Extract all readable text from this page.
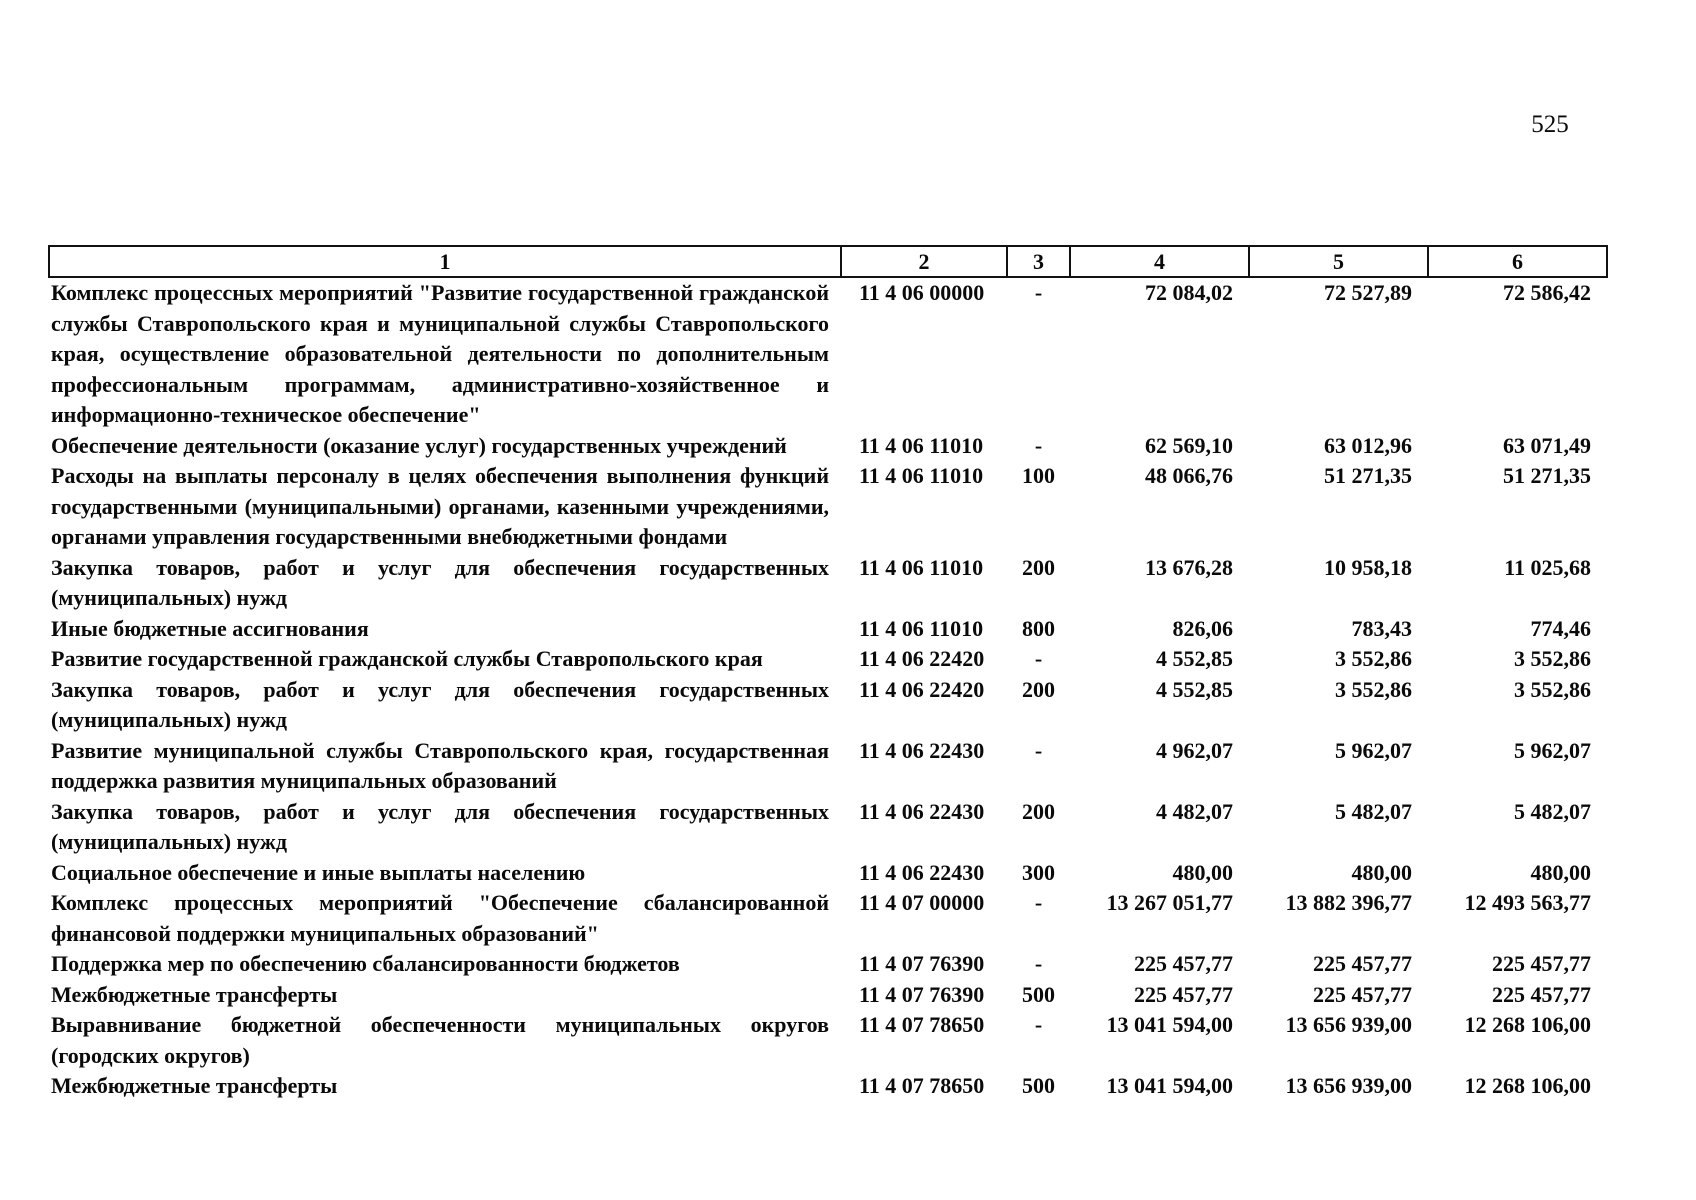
525
1	2	3	4	5	6
Комплекс процессных мероприятий "Развитие государственной гражданской службы Ставропольского края и муниципальной службы Ставропольского края, осуществление образовательной деятельности по дополнительным профессиональным программам, административно-хозяйственное и информационно-техническое обеспечение"	11 4 06 00000	-	72 084,02	72 527,89	72 586,42
Обеспечение деятельности (оказание услуг) государственных учреждений	11 4 06 11010	-	62 569,10	63 012,96	63 071,49
Расходы на выплаты персоналу в целях обеспечения выполнения функций государственными (муниципальными) органами, казенными учреждениями, органами управления государственными внебюджетными фондами	11 4 06 11010	100	48 066,76	51 271,35	51 271,35
Закупка товаров, работ и услуг для обеспечения государственных (муниципальных) нужд	11 4 06 11010	200	13 676,28	10 958,18	11 025,68
Иные бюджетные ассигнования	11 4 06 11010	800	826,06	783,43	774,46
Развитие государственной гражданской службы Ставропольского края	11 4 06 22420	-	4 552,85	3 552,86	3 552,86
Закупка товаров, работ и услуг для обеспечения государственных (муниципальных) нужд	11 4 06 22420	200	4 552,85	3 552,86	3 552,86
Развитие муниципальной службы Ставропольского края, государственная поддержка развития муниципальных образований	11 4 06 22430	-	4 962,07	5 962,07	5 962,07
Закупка товаров, работ и услуг для обеспечения государственных (муниципальных) нужд	11 4 06 22430	200	4 482,07	5 482,07	5 482,07
Социальное обеспечение и иные выплаты населению	11 4 06 22430	300	480,00	480,00	480,00
Комплекс процессных мероприятий "Обеспечение сбалансированной финансовой поддержки муниципальных образований"	11 4 07 00000	-	13 267 051,77	13 882 396,77	12 493 563,77
Поддержка мер по обеспечению сбалансированности бюджетов	11 4 07 76390	-	225 457,77	225 457,77	225 457,77
Межбюджетные трансферты	11 4 07 76390	500	225 457,77	225 457,77	225 457,77
Выравнивание бюджетной обеспеченности муниципальных округов (городских округов)	11 4 07 78650	-	13 041 594,00	13 656 939,00	12 268 106,00
Межбюджетные трансферты	11 4 07 78650	500	13 041 594,00	13 656 939,00	12 268 106,00
